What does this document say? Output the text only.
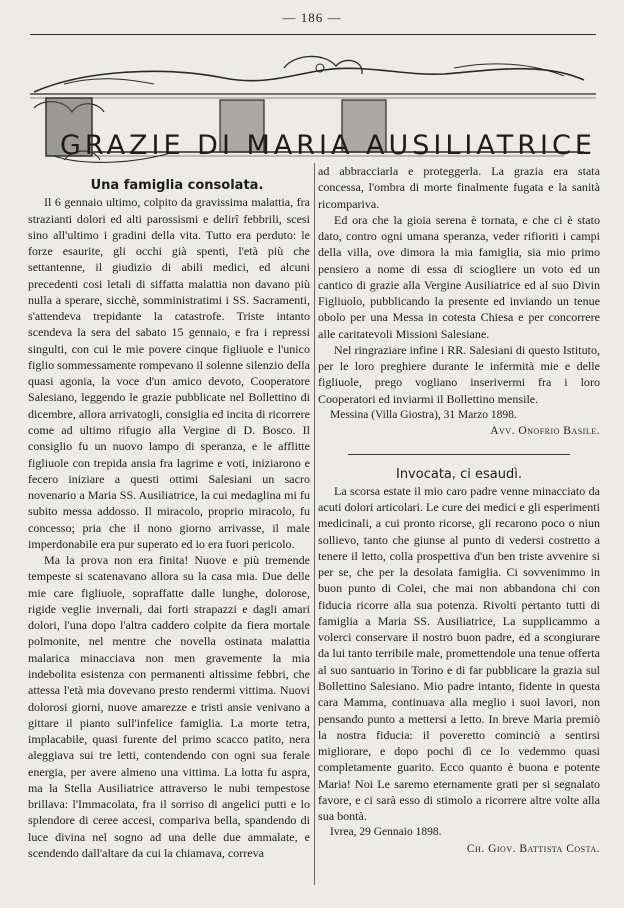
— 186 —
GRAZIE DI MARIA AUSILIATRICE

Una famiglia consolata.

Il 6 gennaio ultimo, colpito da gravissima malattia, fra strazianti dolori ed alti parossismi e delirî febbrili, scesi sino all'ultimo i gradini della vita. Tutto era perduto: le forze esaurite, gli occhi già spenti, l'età più che settantenne, il giudizio di abili medici, ed alcuni precedenti cosi letali di siffatta malattia non davano più nulla a sperare, sicchè, somministratimi i SS. Sacramenti, s'attendeva trepidante la catastrofe. Triste intanto scendeva la sera del sabato 15 gennaio, e fra i repressi singulti, con cui le mie povere cinque figliuole e l'unico figlio sommessamente rompevano il solenne silenzio della quasi agonia, la voce d'un amico devoto, Cooperatore Salesiano, leggendo le grazie pubblicate nel Bollettino di dicembre, allora arrivatogli, consiglia ed incita di ricorrere come ad ultimo rifugio alla Vergine di D. Bosco. Il consiglio fu un nuovo lampo di speranza, e le afflitte figliuole con trepida ansia fra lagrime e voti, iniziarono e fecero iniziare a questi ottimi Salesiani un sacro novenario a Maria SS. Ausiliatrice, la cui medaglina mi fu subito messa addosso. Il miracolo, proprio miracolo, fu concesso; pria che il nono giorno arrivasse, il male imperdonabile era pur superato ed io era fuori pericolo.

Ma la prova non era finita! Nuove e più tremende tempeste si scatenavano allora su la casa mia. Due delle mie care figliuole, sopraffatte dalle lunghe, dolorose, rigide veglie invernali, dai forti strapazzi e dagli amari dolori, l'una dopo l'altra caddero colpite da fiera mortale polmonite, nel mentre che novella ostinata malattia malarica minacciava non men gravemente la mia indebolita esistenza con permanenti altissime febbri, che attessa l'età mia dovevano presto rendermi vittima. Nuovi dolorosi giorni, nuove amarezze e tristi ansie venivano a gittare il pianto sull'infelice famiglia. La morte tetra, implacabile, quasi furente del primo scacco patito, nera aleggiava sui tre letti, contendendo con ogni sua ferale energia, per avere almeno una vittima. La lotta fu aspra, ma la Stella Ausiliatrice attraverso le nubi tempestose brillava: l'Immacolata, fra il sorriso di angelici putti e lo splendore di ceree accesi, compariva bella, spandendo di luce divina nel sogno ad una delle due ammalate, e scendendo dall'altare da cui la chiamava, correva

ad abbracciarla e proteggerla. La grazia era stata concessa, l'ombra di morte finalmente fugata e la sanità ricompariva.

Ed ora che la gioia serena è tornata, e che ci è stato dato, contro ogni umana speranza, veder rifioriti i campi della villa, ove dimora la mia famiglia, sia mio primo pensiero a nome di essa di sciogliere un voto ed un cantico di grazie alla Vergine Ausiliatrice ed al suo Divin Figliuolo, pubblicando la presente ed inviando un tenue obolo per una Messa in cotesta Chiesa e per concorrere alle caritatevoli Missioni Salesiane.

Nel ringraziare infine i RR. Salesiani di questo Istituto, per le loro preghiere durante le infermità mie e delle figliuole, prego vogliano inserivermi fra i loro Cooperatori ed inviarmi il Bollettino mensile.

Messina (Villa Giostra), 31 Marzo 1898.

Avv. Onofrio Basile.

Invocata, ci esaudì.

La scorsa estate il mio caro padre venne minacciato da acuti dolori articolari. Le cure dei medici e gli esperimenti medicinali, a cui pronto ricorse, gli recarono poco o niun sollievo, tanto che giunse al punto di vedersi costretto a tenere il letto, colla prospettiva d'un ben triste avvenire si per se, che per la desolata famiglia. Ci sovvenimmo in buon punto di Colei, che mai non abbandona chi con fiducia ricorre alla sua potenza. Rivolti pertanto tutti di famiglia a Maria SS. Ausiliatrice, La supplicammo a volerci conservare il nostro buon padre, ed a scongiurare da lui tanto terribile male, promettendole una tenue offerta al suo santuario in Torino e di far pubblicare la grazia sul Bollettino Salesiano. Mio padre intanto, fidente in questa cara Mamma, continuava alla meglio i suoi lavori, non pensando punto a mettersi a letto. In breve Maria premiò la nostra fiducia: il poveretto cominciò a sentirsi migliorare, e dopo pochi dì ce lo vedemmo quasi completamente guarito. Ecco quanto è buona e potente Maria! Noi Le saremo eternamente grati per si segnalato favore, e ci sarà esso di stimolo a ricorrere altre volte alla sua bontà.

Ivrea, 29 Gennaio 1898.

Ch. Giov. Battista Costa.
